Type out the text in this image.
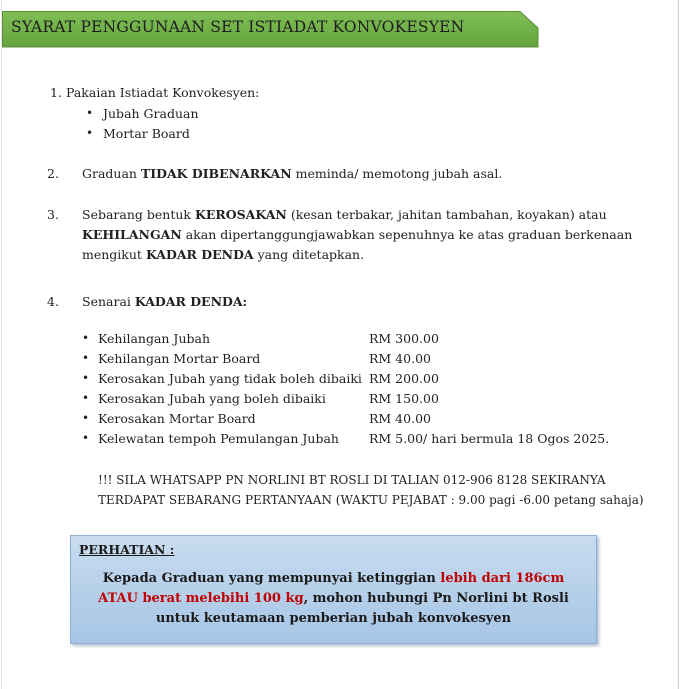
SYARAT PENGGUNAAN SET ISTIADAT KONVOKESYEN
1. Pakaian Istiadat Konvokesyen:
• Jubah Graduan
• Mortar Board
2. Graduan TIDAK DIBENARKAN meminda/ memotong jubah asal.
3. Sebarang bentuk KEROSAKAN (kesan terbakar, jahitan tambahan, koyakan) atau
KEHILANGAN akan dipertanggungjawabkan sepenuhnya ke atas graduan berkenaan
mengikut KADAR DENDA yang ditetapkan.
4. Senarai KADAR DENDA:
• Kehilangan Jubah	RM 300.00
• Kehilangan Mortar Board	RM 40.00
• Kerosakan Jubah yang tidak boleh dibaiki RM 200.00
• Kerosakan Jubah yang boleh dibaiki	RM 150.00
• Kerosakan Mortar Board	RM 40.00
• Kelewatan tempoh Pemulangan Jubah RM 5.00/ hari bermula 18 Ogos 2025.
!!! SILA WHATSAPP PN NORLINI BT ROSLI DI TALIAN 012-906 8128 SEKIRANYA
TERDAPAT SEBARANG PERTANYAAN (WAKTU PEJABAT : 9.00 pagi -6.00 petang sahaja)
PERHATIAN :
Kepada Graduan yang mempunyai ketinggian lebih dari 186cm
ATAU berat melebihi 100 kg, mohon hubungi Pn Norlini bt Rosli
untuk keutamaan pemberian jubah konvokesyen
